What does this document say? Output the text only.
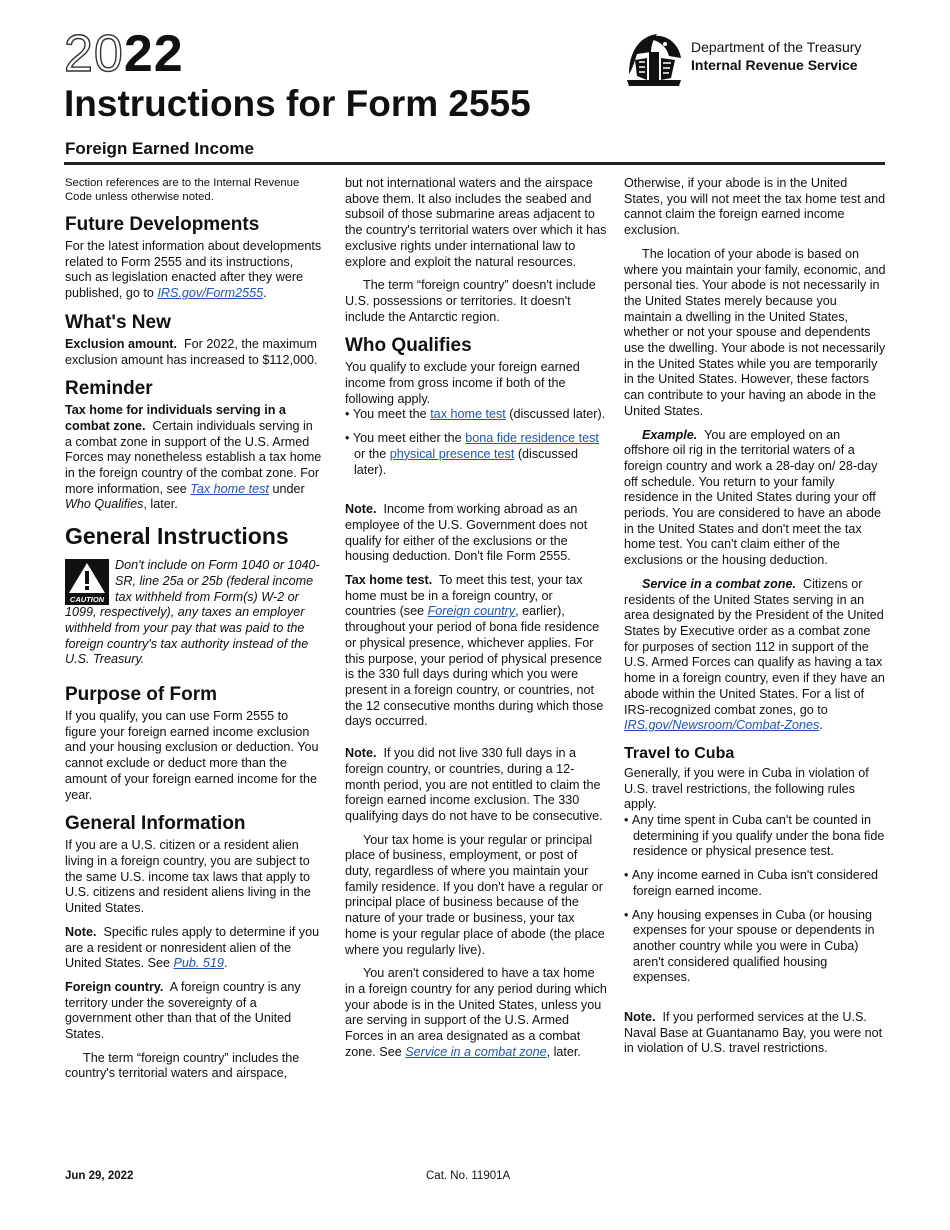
2022
Instructions for Form 2555
Foreign Earned Income
Department of the Treasury
Internal Revenue Service

Section references are to the Internal Revenue Code unless otherwise noted.

Future Developments

For the latest information about developments related to Form 2555 and its instructions, such as legislation enacted after they were published, go to IRS.gov/Form2555.

What's New

Exclusion amount. For 2022, the maximum exclusion amount has increased to $112,000.

Reminder

Tax home for individuals serving in a combat zone. Certain individuals serving in a combat zone in support of the U.S. Armed Forces may nonetheless establish a tax home in the foreign country of the combat zone. For more information, see Tax home test under Who Qualifies, later.

General Instructions
CAUTION
Don't include on Form 1040 or 1040-SR, line 25a or 25b (federal income tax withheld from Form(s) W-2 or 1099, respectively), any taxes an employer withheld from your pay that was paid to the foreign country's tax authority instead of the U.S. Treasury.
Purpose of Form

If you qualify, you can use Form 2555 to figure your foreign earned income exclusion and your housing exclusion or deduction. You cannot exclude or deduct more than the amount of your foreign earned income for the year.

General Information

If you are a U.S. citizen or a resident alien living in a foreign country, you are subject to the same U.S. income tax laws that apply to U.S. citizens and resident aliens living in the United States.

Note. Specific rules apply to determine if you are a resident or nonresident alien of the United States. See Pub. 519.

Foreign country. A foreign country is any territory under the sovereignty of a government other than that of the United States.

The term “foreign country” includes the country's territorial waters and airspace,

but not international waters and the airspace above them. It also includes the seabed and subsoil of those submarine areas adjacent to the country's territorial waters over which it has exclusive rights under international law to explore and exploit the natural resources.

The term “foreign country” doesn't include U.S. possessions or territories. It doesn't include the Antarctic region.

Who Qualifies

You qualify to exclude your foreign earned income from gross income if both of the following apply.

• You meet the tax home test (discussed later).

• You meet either the bona fide residence test or the physical presence test (discussed later).

Note. Income from working abroad as an employee of the U.S. Government does not qualify for either of the exclusions or the housing deduction. Don't file Form 2555.

Tax home test. To meet this test, your tax home must be in a foreign country, or countries (see Foreign country, earlier), throughout your period of bona fide residence or physical presence, whichever applies. For this purpose, your period of physical presence is the 330 full days during which you were present in a foreign country, or countries, not the 12 consecutive months during which those days occurred.

Note. If you did not live 330 full days in a foreign country, or countries, during a 12-month period, you are not entitled to claim the foreign earned income exclusion. The 330 qualifying days do not have to be consecutive.

Your tax home is your regular or principal place of business, employment, or post of duty, regardless of where you maintain your family residence. If you don't have a regular or principal place of business because of the nature of your trade or business, your tax home is your regular place of abode (the place where you regularly live).

You aren't considered to have a tax home in a foreign country for any period during which your abode is in the United States, unless you are serving in support of the U.S. Armed Forces in an area designated as a combat zone. See Service in a combat zone, later.

Otherwise, if your abode is in the United States, you will not meet the tax home test and cannot claim the foreign earned income exclusion.

The location of your abode is based on where you maintain your family, economic, and personal ties. Your abode is not necessarily in the United States merely because you maintain a dwelling in the United States, whether or not your spouse and dependents use the dwelling. Your abode is not necessarily in the United States while you are temporarily in the United States. However, these factors can contribute to your having an abode in the United States.

Example. You are employed on an offshore oil rig in the territorial waters of a foreign country and work a 28-day on/ 28-day off schedule. You return to your family residence in the United States during your off periods. You are considered to have an abode in the United States and don't meet the tax home test. You can't claim either of the exclusions or the housing deduction.

Service in a combat zone. Citizens or residents of the United States serving in an area designated by the President of the United States by Executive order as a combat zone for purposes of section 112 in support of the U.S. Armed Forces can qualify as having a tax home in a foreign country, even if they have an abode within the United States. For a list of IRS-recognized combat zones, go to IRS.gov/Newsroom/Combat-Zones.

Travel to Cuba

Generally, if you were in Cuba in violation of U.S. travel restrictions, the following rules apply.

• Any time spent in Cuba can't be counted in determining if you qualify under the bona fide residence or physical presence test.

• Any income earned in Cuba isn't considered foreign earned income.

• Any housing expenses in Cuba (or housing expenses for your spouse or dependents in another country while you were in Cuba) aren't considered qualified housing expenses.

Note. If you performed services at the U.S. Naval Base at Guantanamo Bay, you were not in violation of U.S. travel restrictions.

Jun 29, 2022	Cat. No. 11901A
